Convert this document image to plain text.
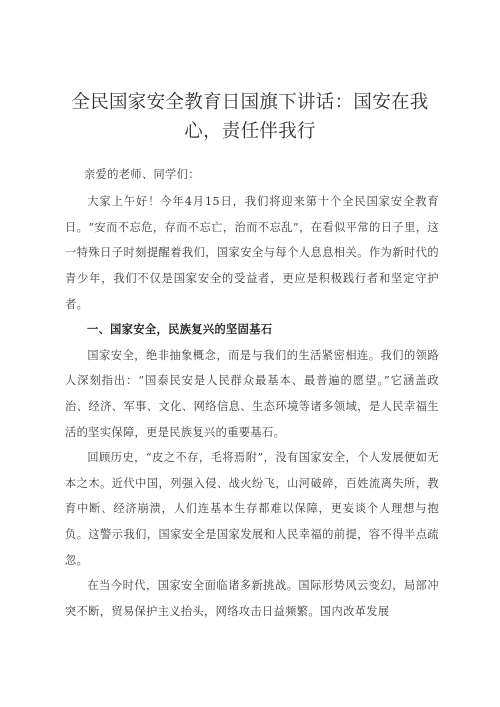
全民国家安全教育日国旗下讲话：国安在我心，责任伴我行

亲爱的老师、同学们：

大家上午好！今年4月15日，我们将迎来第十个全民国家安全教育日。“安而不忘危，存而不忘亡，治而不忘乱”，在看似平常的日子里，这一特殊日子时刻提醒着我们，国家安全与每个人息息相关。作为新时代的青少年，我们不仅是国家安全的受益者，更应是积极践行者和坚定守护者。

一、国家安全，民族复兴的坚固基石

国家安全，绝非抽象概念，而是与我们的生活紧密相连。我们的领路人深刻指出：“国泰民安是人民群众最基本、最普遍的愿望。”它涵盖政治、经济、军事、文化、网络信息、生态环境等诸多领域，是人民幸福生活的坚实保障，更是民族复兴的重要基石。

回顾历史，“皮之不存，毛将焉附”，没有国家安全，个人发展便如无本之木。近代中国，列强入侵、战火纷飞，山河破碎，百姓流离失所，教育中断、经济崩溃，人们连基本生存都难以保障，更妄谈个人理想与抱负。这警示我们，国家安全是国家发展和人民幸福的前提，容不得半点疏忽。

在当今时代，国家安全面临诸多新挑战。国际形势风云变幻，局部冲突不断，贸易保护主义抬头，网络攻击日益频繁。国内改革发展
